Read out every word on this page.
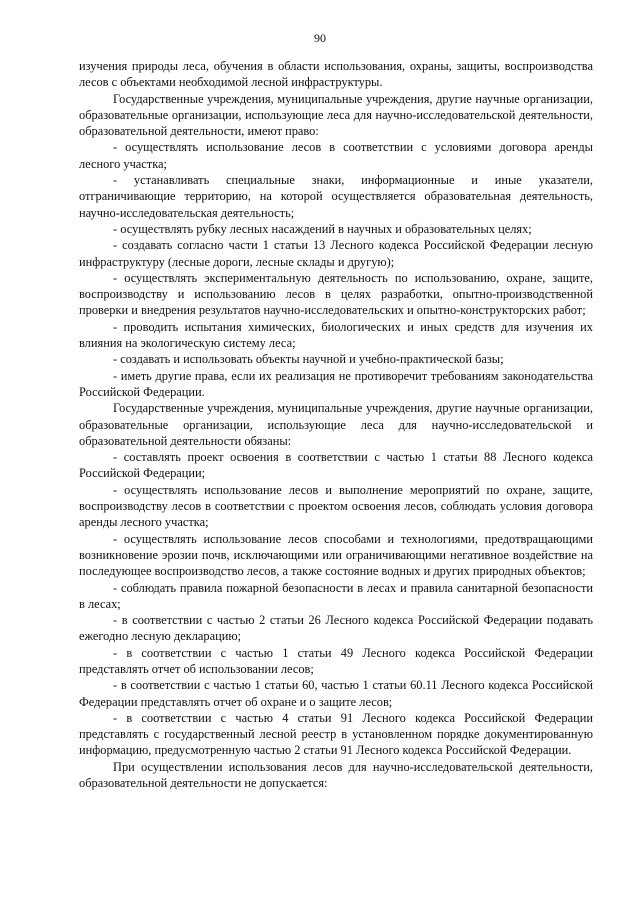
90

изучения природы леса, обучения в области использования, охраны, защиты, воспроизводства лесов с объектами необходимой лесной инфраструктуры.

Государственные учреждения, муниципальные учреждения, другие научные организации, образовательные организации, использующие леса для научно-исследовательской деятельности, образовательной деятельности, имеют право:

- осуществлять использование лесов в соответствии с условиями договора аренды лесного участка;

- устанавливать специальные знаки, информационные и иные указатели, отграничивающие территорию, на которой осуществляется образовательная деятельность, научно-исследовательская деятельность;

- осуществлять рубку лесных насаждений в научных и образовательных целях;

- создавать согласно части 1 статьи 13 Лесного кодекса Российской Федерации лесную инфраструктуру (лесные дороги, лесные склады и другую);

- осуществлять экспериментальную деятельность по использованию, охране, защите, воспроизводству и использованию лесов в целях разработки, опытно-производственной проверки и внедрения результатов научно-исследовательских и опытно-конструкторских работ;

- проводить испытания химических, биологических и иных средств для изучения их влияния на экологическую систему леса;

- создавать и использовать объекты научной и учебно-практической базы;

- иметь другие права, если их реализация не противоречит требованиям законодательства Российской Федерации.

Государственные учреждения, муниципальные учреждения, другие научные организации, образовательные организации, использующие леса для научно-исследовательской и образовательной деятельности обязаны:

- составлять проект освоения в соответствии с частью 1 статьи 88 Лесного кодекса Российской Федерации;

- осуществлять использование лесов и выполнение мероприятий по охране, защите, воспроизводству лесов в соответствии с проектом освоения лесов, соблюдать условия договора аренды лесного участка;

- осуществлять использование лесов способами и технологиями, предотвращающими возникновение эрозии почв, исключающими или ограничивающими негативное воздействие на последующее воспроизводство лесов, а также состояние водных и других природных объектов;

- соблюдать правила пожарной безопасности в лесах и правила санитарной безопасности в лесах;

- в соответствии с частью 2 статьи 26 Лесного кодекса Российской Федерации подавать ежегодно лесную декларацию;

- в соответствии с частью 1 статьи 49 Лесного кодекса Российской Федерации представлять отчет об использовании лесов;

- в соответствии с частью 1 статьи 60, частью 1 статьи 60.11 Лесного кодекса Российской Федерации представлять отчет об охране и о защите лесов;

- в соответствии с частью 4 статьи 91 Лесного кодекса Российской Федерации представлять с государственный лесной реестр в установленном порядке документированную информацию, предусмотренную частью 2 статьи 91 Лесного кодекса Российской Федерации.

При осуществлении использования лесов для научно-исследовательской деятельности, образовательной деятельности не допускается:
